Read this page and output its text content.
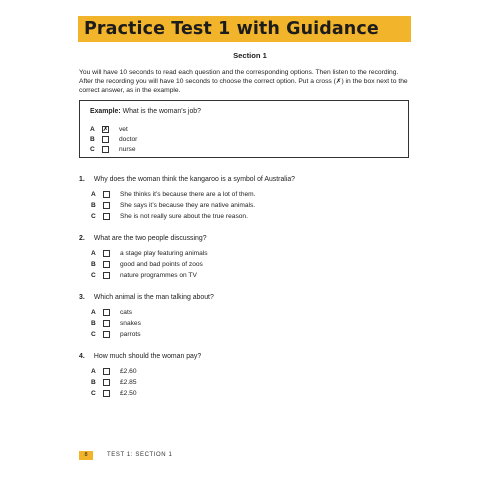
Practice Test 1 with Guidance
Section 1
You will have 10 seconds to read each question and the corresponding options. Then listen to the recording. After the recording you will have 10 seconds to choose the correct option. Put a cross (✗) in the box next to the correct answer, as in the example.
Example: What is the woman’s job?
A	✗ vet
B	doctor
C	nurse
1. Why does the woman think the kangaroo is a symbol of Australia?
A	She thinks it’s because there are a lot of them.
B	She says it’s because they are native animals.
C	She is not really sure about the true reason.
2. What are the two people discussing?
A	a stage play featuring animals
B	good and bad points of zoos
C	nature programmes on TV
3. Which animal is the man talking about?
A	cats
B	snakes
C	parrots
4. How much should the woman pay?
A	£2.60
B	£2.85
C	£2.50
8	TEST 1: SECTION 1
